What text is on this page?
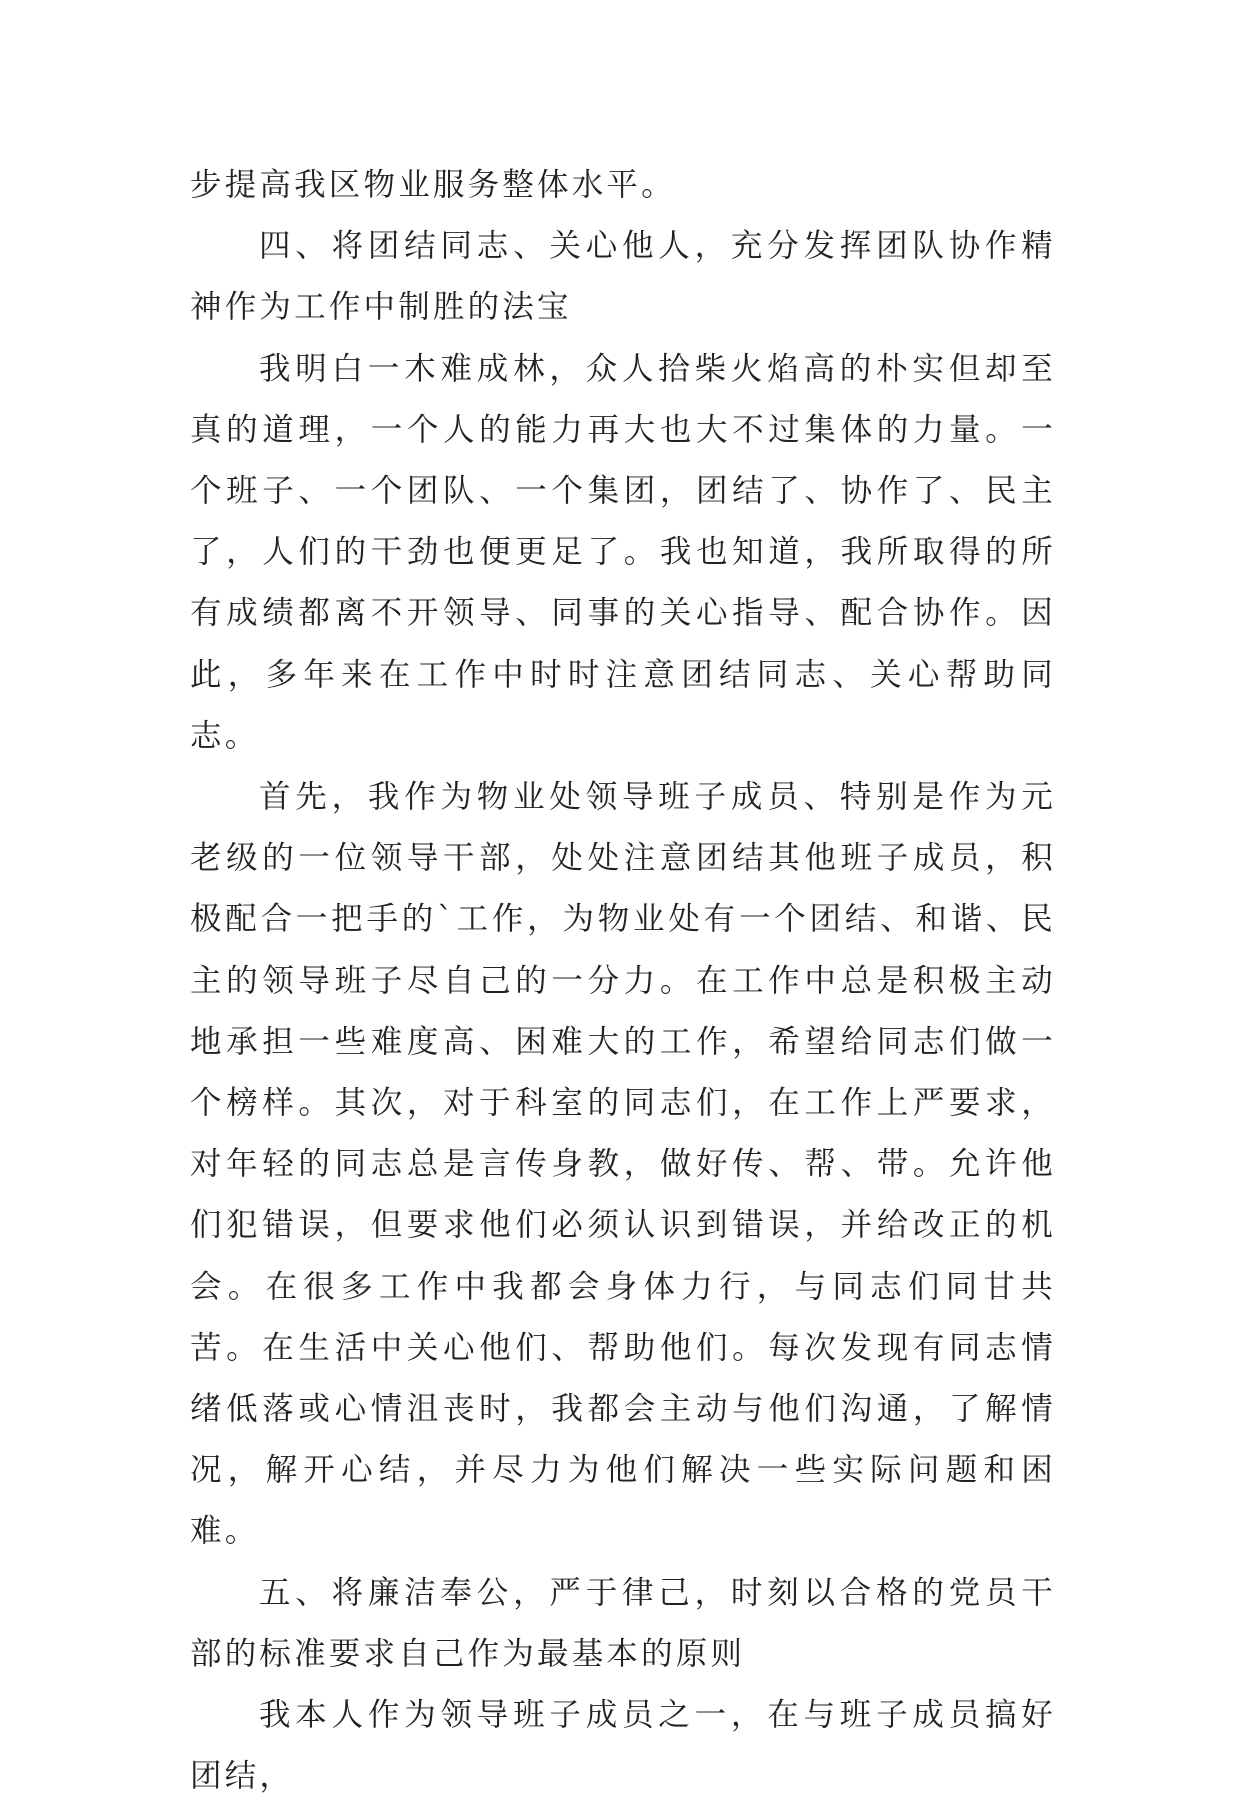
步提高我区物业服务整体水平。

四、将团结同志、关心他人，充分发挥团队协作精神作为工作中制胜的法宝

我明白一木难成林，众人拾柴火焰高的朴实但却至真的道理，一个人的能力再大也大不过集体的力量。一个班子、一个团队、一个集团，团结了、协作了、民主了，人们的干劲也便更足了。我也知道，我所取得的所有成绩都离不开领导、同事的关心指导、配合协作。因此，多年来在工作中时时注意团结同志、关心帮助同志。

首先，我作为物业处领导班子成员、特别是作为元老级的一位领导干部，处处注意团结其他班子成员，积极配合一把手的`工作，为物业处有一个团结、和谐、民主的领导班子尽自己的一分力。在工作中总是积极主动地承担一些难度高、困难大的工作，希望给同志们做一个榜样。其次，对于科室的同志们，在工作上严要求，对年轻的同志总是言传身教，做好传、帮、带。允许他们犯错误，但要求他们必须认识到错误，并给改正的机会。在很多工作中我都会身体力行，与同志们同甘共苦。在生活中关心他们、帮助他们。每次发现有同志情绪低落或心情沮丧时，我都会主动与他们沟通，了解情况，解开心结，并尽力为他们解决一些实际问题和困难。

五、将廉洁奉公，严于律己，时刻以合格的党员干部的标准要求自己作为最基本的原则

我本人作为领导班子成员之一，在与班子成员搞好团结，
